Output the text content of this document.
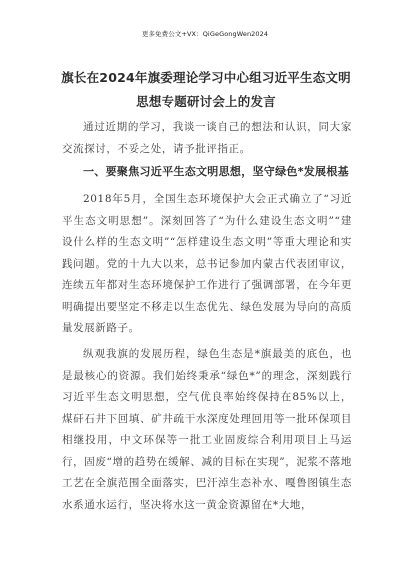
更多免费公文+VX：QiGeGongWen2024
旗长在2024年旗委理论学习中心组习近平生态文明思想专题研讨会上的发言
通过近期的学习，我谈一谈自己的想法和认识，同大家交流探讨，不妥之处，请予批评指正。
一、要聚焦习近平生态文明思想，坚守绿色*发展根基
2018年5月，全国生态环境保护大会正式确立了“习近平生态文明思想”。深刻回答了“为什么建设生态文明”“建设什么样的生态文明”“怎样建设生态文明”等重大理论和实践问题。党的十九大以来，总书记参加内蒙古代表团审议，连续五年都对生态环境保护工作进行了强调部署，在今年更明确提出要坚定不移走以生态优先、绿色发展为导向的高质量发展新路子。
纵观我旗的发展历程，绿色生态是*旗最美的底色，也是最核心的资源。我们始终秉承“绿色*”的理念，深刻践行习近平生态文明思想，空气优良率始终保持在85%以上，煤矸石井下回填、矿井疏干水深度处理回用等一批环保项目相继投用，中文环保等一批工业固废综合利用项目上马运行，固废“增的趋势在缓解、减的目标在实现”，泥浆不落地工艺在全旗范围全面落实，巴汗淖生态补水、嘎鲁图镇生态水系通水运行，坚决将水这一黄金资源留在*大地，
